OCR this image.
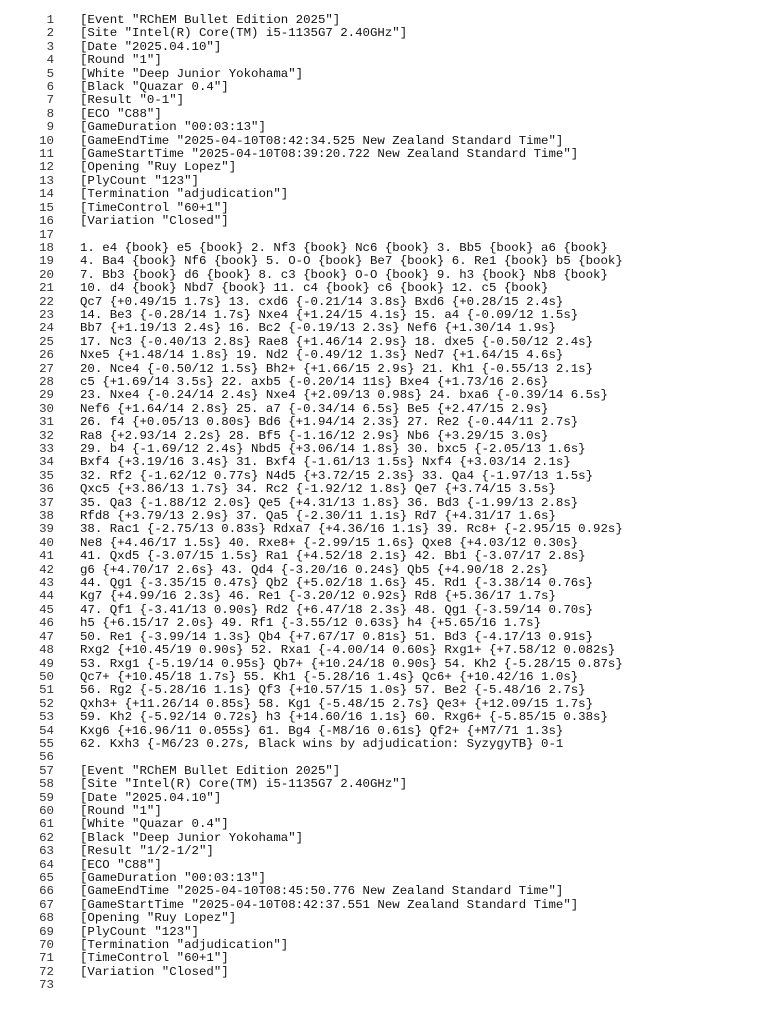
1 [Event "RChEM Bullet Edition 2025"]
2 [Site "Intel(R) Core(TM) i5-1135G7 2.40GHz"]
3 [Date "2025.04.10"]
4 [Round "1"]
5 [White "Deep Junior Yokohama"]
6 [Black "Quazar 0.4"]
7 [Result "0-1"]
8 [ECO "C88"]
9 [GameDuration "00:03:13"]
10 [GameEndTime "2025-04-10T08:42:34.525 New Zealand Standard Time"]
11 [GameStartTime "2025-04-10T08:39:20.722 New Zealand Standard Time"]
12 [Opening "Ruy Lopez"]
13 [PlyCount "123"]
14 [Termination "adjudication"]
15 [TimeControl "60+1"]
16 [Variation "Closed"]
17
18 1. e4 {book} e5 {book} 2. Nf3 {book} Nc6 {book} 3. Bb5 {book} a6 {book}
19 4. Ba4 {book} Nf6 {book} 5. O-O {book} Be7 {book} 6. Re1 {book} b5 {book}
20 7. Bb3 {book} d6 {book} 8. c3 {book} O-O {book} 9. h3 {book} Nb8 {book}
21 10. d4 {book} Nbd7 {book} 11. c4 {book} c6 {book} 12. c5 {book}
22 Qc7 {+0.49/15 1.7s} 13. cxd6 {-0.21/14 3.8s} Bxd6 {+0.28/15 2.4s}
23 14. Be3 {-0.28/14 1.7s} Nxe4 {+1.24/15 4.1s} 15. a4 {-0.09/12 1.5s}
24 Bb7 {+1.19/13 2.4s} 16. Bc2 {-0.19/13 2.3s} Nef6 {+1.30/14 1.9s}
25 17. Nc3 {-0.40/13 2.8s} Rae8 {+1.46/14 2.9s} 18. dxe5 {-0.50/12 2.4s}
26 Nxe5 {+1.48/14 1.8s} 19. Nd2 {-0.49/12 1.3s} Ned7 {+1.64/15 4.6s}
27 20. Nce4 {-0.50/12 1.5s} Bh2+ {+1.66/15 2.9s} 21. Kh1 {-0.55/13 2.1s}
28 c5 {+1.69/14 3.5s} 22. axb5 {-0.20/14 11s} Bxe4 {+1.73/16 2.6s}
29 23. Nxe4 {-0.24/14 2.4s} Nxe4 {+2.09/13 0.98s} 24. bxa6 {-0.39/14 6.5s}
30 Nef6 {+1.64/14 2.8s} 25. a7 {-0.34/14 6.5s} Be5 {+2.47/15 2.9s}
31 26. f4 {+0.05/13 0.80s} Bd6 {+1.94/14 2.3s} 27. Re2 {-0.44/11 2.7s}
32 Ra8 {+2.93/14 2.2s} 28. Bf5 {-1.16/12 2.9s} Nb6 {+3.29/15 3.0s}
33 29. b4 {-1.69/12 2.4s} Nbd5 {+3.06/14 1.8s} 30. bxc5 {-2.05/13 1.6s}
34 Bxf4 {+3.19/16 3.4s} 31. Bxf4 {-1.61/13 1.5s} Nxf4 {+3.03/14 2.1s}
35 32. Rf2 {-1.62/12 0.77s} N4d5 {+3.72/15 2.3s} 33. Qa4 {-1.97/13 1.5s}
36 Qxc5 {+3.86/13 1.7s} 34. Rc2 {-1.92/12 1.8s} Qe7 {+3.74/15 3.5s}
37 35. Qa3 {-1.88/12 2.0s} Qe5 {+4.31/13 1.8s} 36. Bd3 {-1.99/13 2.8s}
38 Rfd8 {+3.79/13 2.9s} 37. Qa5 {-2.30/11 1.1s} Rd7 {+4.31/17 1.6s}
39 38. Rac1 {-2.75/13 0.83s} Rdxa7 {+4.36/16 1.1s} 39. Rc8+ {-2.95/15 0.92s}
40 Ne8 {+4.46/17 1.5s} 40. Rxe8+ {-2.99/15 1.6s} Qxe8 {+4.03/12 0.30s}
41 41. Qxd5 {-3.07/15 1.5s} Ra1 {+4.52/18 2.1s} 42. Bb1 {-3.07/17 2.8s}
42 g6 {+4.70/17 2.6s} 43. Qd4 {-3.20/16 0.24s} Qb5 {+4.90/18 2.2s}
43 44. Qg1 {-3.35/15 0.47s} Qb2 {+5.02/18 1.6s} 45. Rd1 {-3.38/14 0.76s}
44 Kg7 {+4.99/16 2.3s} 46. Re1 {-3.20/12 0.92s} Rd8 {+5.36/17 1.7s}
45 47. Qf1 {-3.41/13 0.90s} Rd2 {+6.47/18 2.3s} 48. Qg1 {-3.59/14 0.70s}
46 h5 {+6.15/17 2.0s} 49. Rf1 {-3.55/12 0.63s} h4 {+5.65/16 1.7s}
47 50. Re1 {-3.99/14 1.3s} Qb4 {+7.67/17 0.81s} 51. Bd3 {-4.17/13 0.91s}
48 Rxg2 {+10.45/19 0.90s} 52. Rxa1 {-4.00/14 0.60s} Rxg1+ {+7.58/12 0.082s}
49 53. Rxg1 {-5.19/14 0.95s} Qb7+ {+10.24/18 0.90s} 54. Kh2 {-5.28/15 0.87s}
50 Qc7+ {+10.45/18 1.7s} 55. Kh1 {-5.28/16 1.4s} Qc6+ {+10.42/16 1.0s}
51 56. Rg2 {-5.28/16 1.1s} Qf3 {+10.57/15 1.0s} 57. Be2 {-5.48/16 2.7s}
52 Qxh3+ {+11.26/14 0.85s} 58. Kg1 {-5.48/15 2.7s} Qe3+ {+12.09/15 1.7s}
53 59. Kh2 {-5.92/14 0.72s} h3 {+14.60/16 1.1s} 60. Rxg6+ {-5.85/15 0.38s}
54 Kxg6 {+16.96/11 0.055s} 61. Bg4 {-M8/16 0.61s} Qf2+ {+M7/71 1.3s}
55 62. Kxh3 {-M6/23 0.27s, Black wins by adjudication: SyzygyTB} 0-1
56
57 [Event "RChEM Bullet Edition 2025"]
58 [Site "Intel(R) Core(TM) i5-1135G7 2.40GHz"]
59 [Date "2025.04.10"]
60 [Round "1"]
61 [White "Quazar 0.4"]
62 [Black "Deep Junior Yokohama"]
63 [Result "1/2-1/2"]
64 [ECO "C88"]
65 [GameDuration "00:03:13"]
66 [GameEndTime "2025-04-10T08:45:50.776 New Zealand Standard Time"]
67 [GameStartTime "2025-04-10T08:42:37.551 New Zealand Standard Time"]
68 [Opening "Ruy Lopez"]
69 [PlyCount "123"]
70 [Termination "adjudication"]
71 [TimeControl "60+1"]
72 [Variation "Closed"]
73
